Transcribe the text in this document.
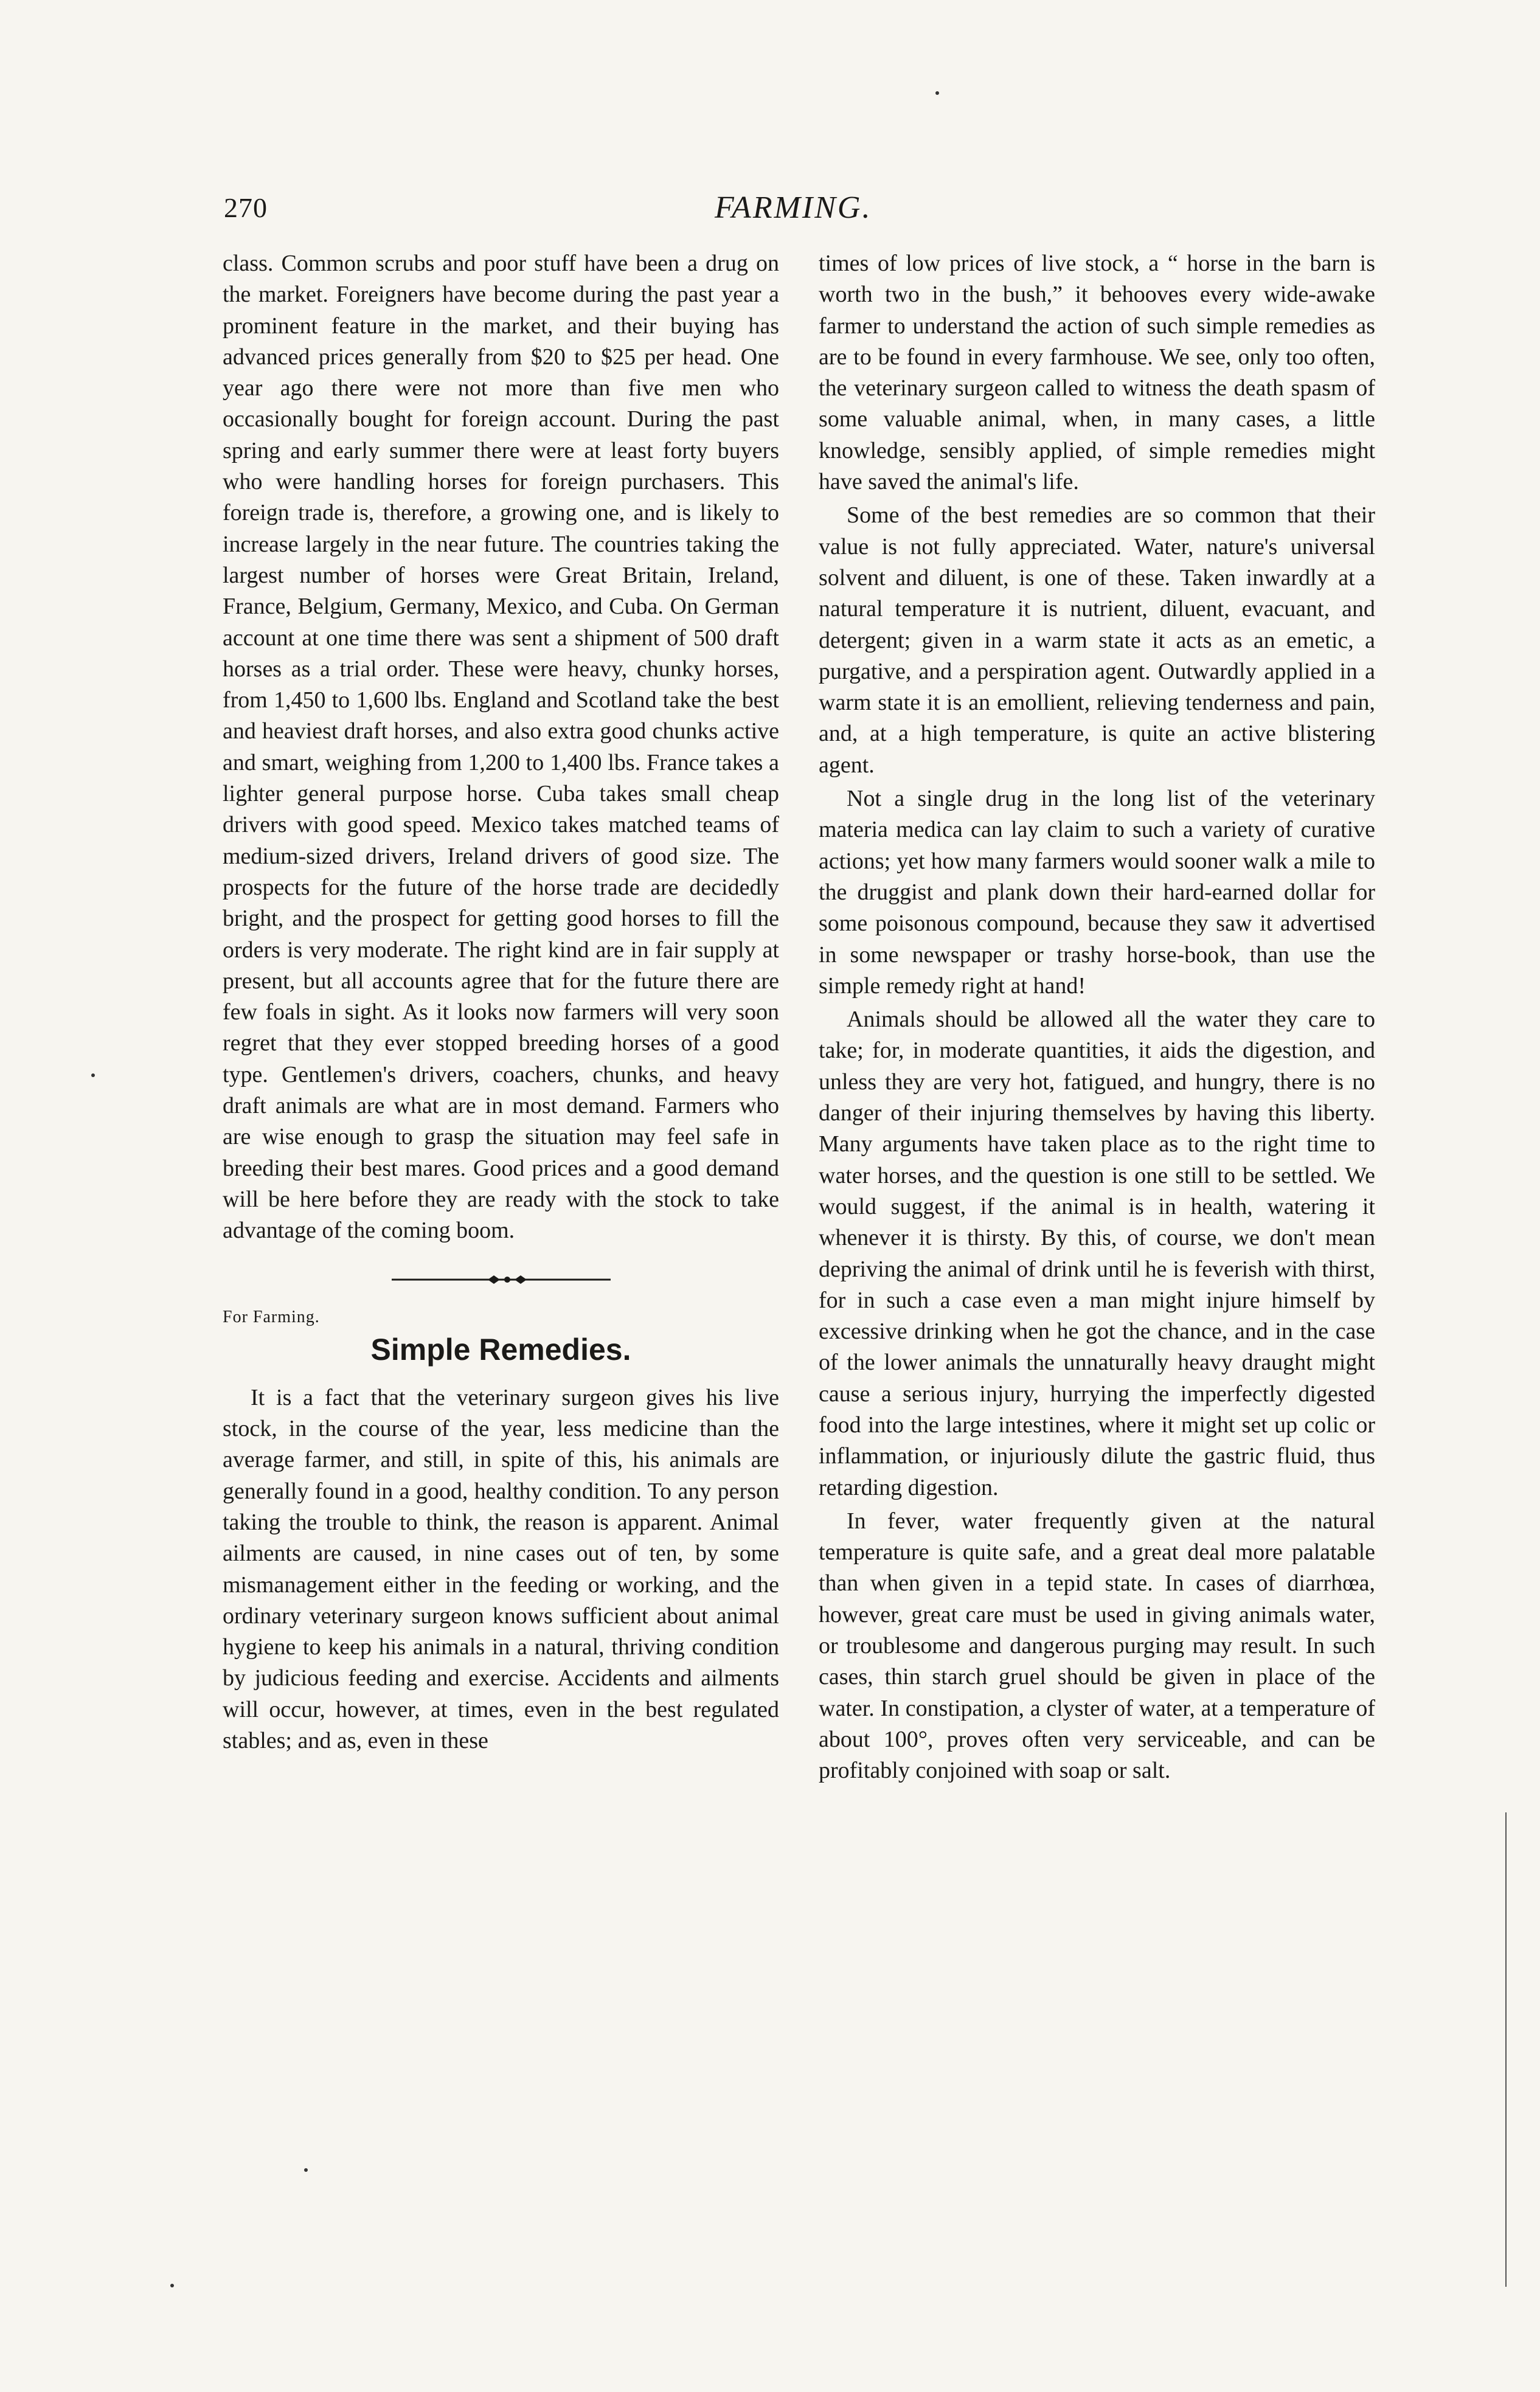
270	FARMING.

class. Common scrubs and poor stuff have been a drug on the market. Foreigners have become during the past year a prominent feature in the market, and their buying has advanced prices generally from $20 to $25 per head. One year ago there were not more than five men who occasionally bought for foreign account. During the past spring and early summer there were at least forty buyers who were handling horses for foreign purchasers. This foreign trade is, therefore, a growing one, and is likely to increase largely in the near future. The countries taking the largest number of horses were Great Britain, Ireland, France, Belgium, Germany, Mexico, and Cuba. On German account at one time there was sent a shipment of 500 draft horses as a trial order. These were heavy, chunky horses, from 1,450 to 1,600 lbs. England and Scotland take the best and heaviest draft horses, and also extra good chunks active and smart, weighing from 1,200 to 1,400 lbs. France takes a lighter general purpose horse. Cuba takes small cheap drivers with good speed. Mexico takes matched teams of medium-sized drivers, Ireland drivers of good size. The prospects for the future of the horse trade are decidedly bright, and the prospect for getting good horses to fill the orders is very moderate. The right kind are in fair supply at present, but all accounts agree that for the future there are few foals in sight. As it looks now farmers will very soon regret that they ever stopped breeding horses of a good type. Gentlemen's drivers, coachers, chunks, and heavy draft animals are what are in most demand. Farmers who are wise enough to grasp the situation may feel safe in breeding their best mares. Good prices and a good demand will be here before they are ready with the stock to take advantage of the coming boom.

For Farming.
Simple Remedies.

It is a fact that the veterinary surgeon gives his live stock, in the course of the year, less medicine than the average farmer, and still, in spite of this, his animals are generally found in a good, healthy condition. To any person taking the trouble to think, the reason is apparent. Animal ailments are caused, in nine cases out of ten, by some mismanagement either in the feeding or working, and the ordinary veterinary surgeon knows sufficient about animal hygiene to keep his animals in a natural, thriving condition by judicious feeding and exercise. Accidents and ailments will occur, however, at times, even in the best regulated stables; and as, even in these

times of low prices of live stock, a “ horse in the barn is worth two in the bush,” it behooves every wide-awake farmer to understand the action of such simple remedies as are to be found in every farmhouse. We see, only too often, the veterinary surgeon called to witness the death spasm of some valuable animal, when, in many cases, a little knowledge, sensibly applied, of simple remedies might have saved the animal's life.

Some of the best remedies are so common that their value is not fully appreciated. Water, nature's universal solvent and diluent, is one of these. Taken inwardly at a natural temperature it is nutrient, diluent, evacuant, and detergent; given in a warm state it acts as an emetic, a purgative, and a perspiration agent. Outwardly applied in a warm state it is an emollient, relieving tenderness and pain, and, at a high temperature, is quite an active blistering agent.

Not a single drug in the long list of the veterinary materia medica can lay claim to such a variety of curative actions; yet how many farmers would sooner walk a mile to the druggist and plank down their hard-earned dollar for some poisonous compound, because they saw it advertised in some newspaper or trashy horse-book, than use the simple remedy right at hand!

Animals should be allowed all the water they care to take; for, in moderate quantities, it aids the digestion, and unless they are very hot, fatigued, and hungry, there is no danger of their injuring themselves by having this liberty. Many arguments have taken place as to the right time to water horses, and the question is one still to be settled. We would suggest, if the animal is in health, watering it whenever it is thirsty. By this, of course, we don't mean depriving the animal of drink until he is feverish with thirst, for in such a case even a man might injure himself by excessive drinking when he got the chance, and in the case of the lower animals the unnaturally heavy draught might cause a serious injury, hurrying the imperfectly digested food into the large intestines, where it might set up colic or inflammation, or injuriously dilute the gastric fluid, thus retarding digestion.

In fever, water frequently given at the natural temperature is quite safe, and a great deal more palatable than when given in a tepid state. In cases of diarrhœa, however, great care must be used in giving animals water, or troublesome and dangerous purging may result. In such cases, thin starch gruel should be given in place of the water. In constipation, a clyster of water, at a temperature of about 100°, proves often very serviceable, and can be profitably conjoined with soap or salt.
